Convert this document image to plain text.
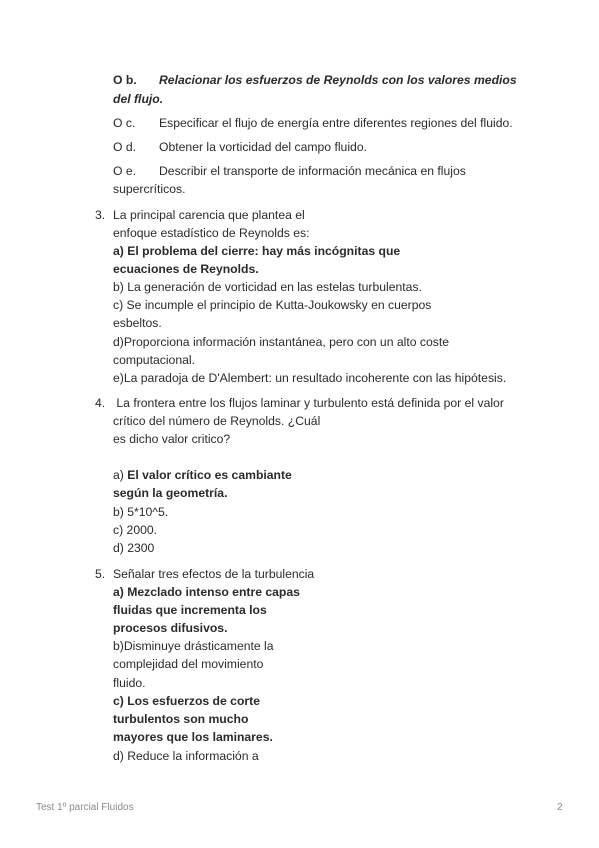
O b. Relacionar los esfuerzos de Reynolds con los valores medios
del flujo.
O c. Especificar el flujo de energía entre diferentes regiones del fluido.
O d. Obtener la vorticidad del campo fluido.
O e. Describir el transporte de información mecánica en flujos
supercríticos.
3. La principal carencia que plantea el
enfoque estadístico de Reynolds es:
a) El problema del cierre: hay más incógnitas que
ecuaciones de Reynolds.
b) La generación de vorticidad en las estelas turbulentas.
c) Se incumple el principio de Kutta-Joukowsky en cuerpos
esbeltos.
d)Proporciona información instantánea, pero con un alto coste
computacional.
e)La paradoja de D'Alembert: un resultado incoherente con las hipótesis.
4. La frontera entre los flujos laminar y turbulento está definida por el valor
crítico del número de Reynolds. ¿Cuál
es dicho valor critico?
a) El valor crítico es cambiante
según la geometría.
b) 5*10^5.
c) 2000.
d) 2300
5. Señalar tres efectos de la turbulencia
a) Mezclado intenso entre capas
fluidas que incrementa los
procesos difusivos.
b)Disminuye drásticamente la
complejidad del movimiento
fluido.
c) Los esfuerzos de corte
turbulentos son mucho
mayores que los laminares.
d) Reduce la información a
Test 1º parcial Fluidos	2
